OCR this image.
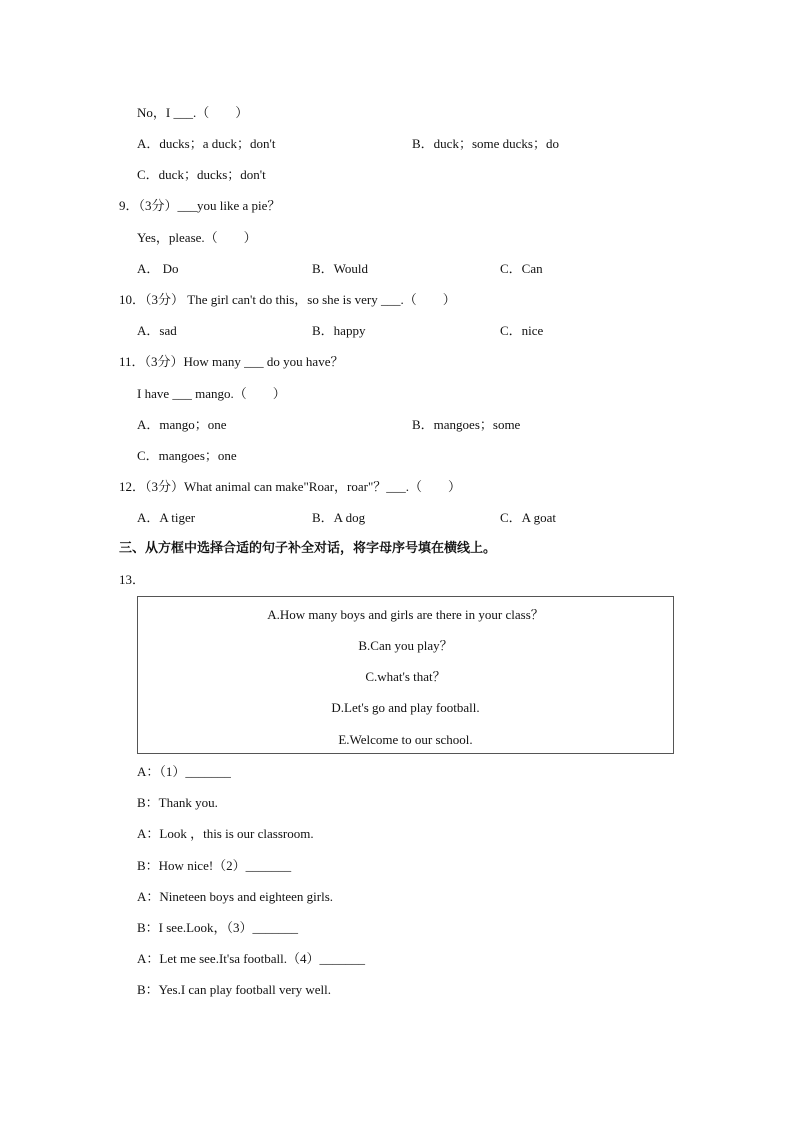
No，I ___.（　　）
A．ducks；a duck；don't	B．duck；some ducks；do
C．duck；ducks；don't
9．（3分）___you like a pie？
Yes，please.（　　）
A． Do	B．Would	C．Can
10．（3分） The girl can't do this，so she is very ___.（　　）
A．sad	B．happy	C．nice
11．（3分）How many ___ do you have？
I have ___ mango.（　　）
A．mango；one	B．mangoes；some
C．mangoes；one
12．（3分）What animal can make"Roar，roar"？___.（　　）
A．A tiger	B．A dog	C．A goat
三、从方框中选择合适的句子补全对话，将字母序号填在横线上。
13．
A.How many boys and girls are there in your class？
B.Can you play？
C.what's that？
D.Let's go and play football.
E.Welcome to our school.
A：（1）_______
B：Thank you.
A：Look ，this is our classroom.
B：How nice!（2）_______
A：Nineteen boys and eighteen girls.
B：I see.Look，（3）_______
A：Let me see.It'sa football.（4）_______
B：Yes.I can play football very well.
